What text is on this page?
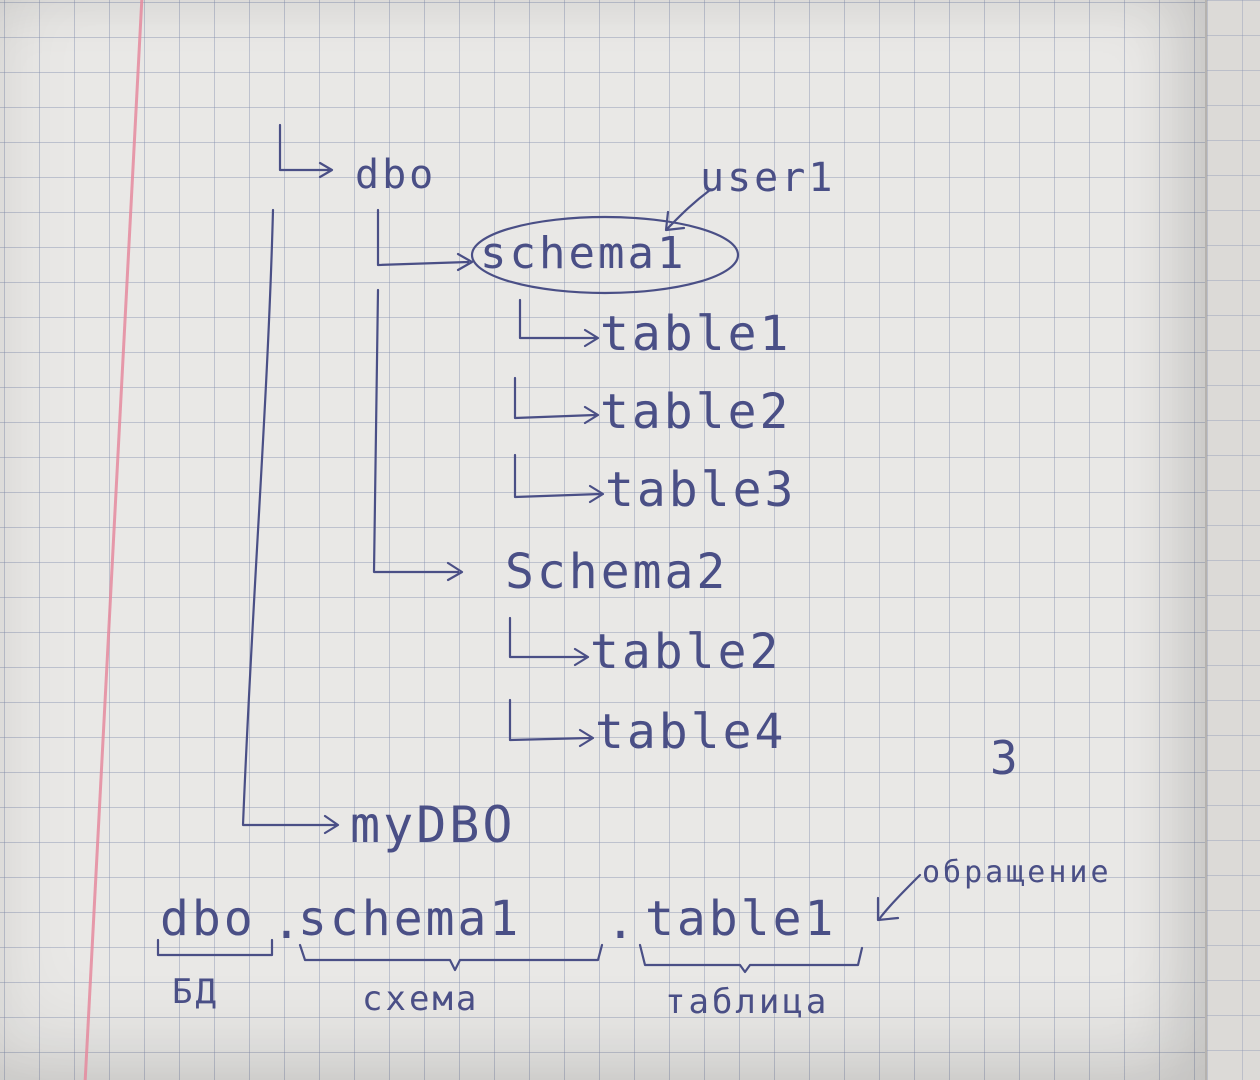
dbo	user1
schema1
table1
table2
table3
Schema2
table2
table4	3
myDBO
dbo .
schema1 . table1
обращение
БД	схема	таблица
